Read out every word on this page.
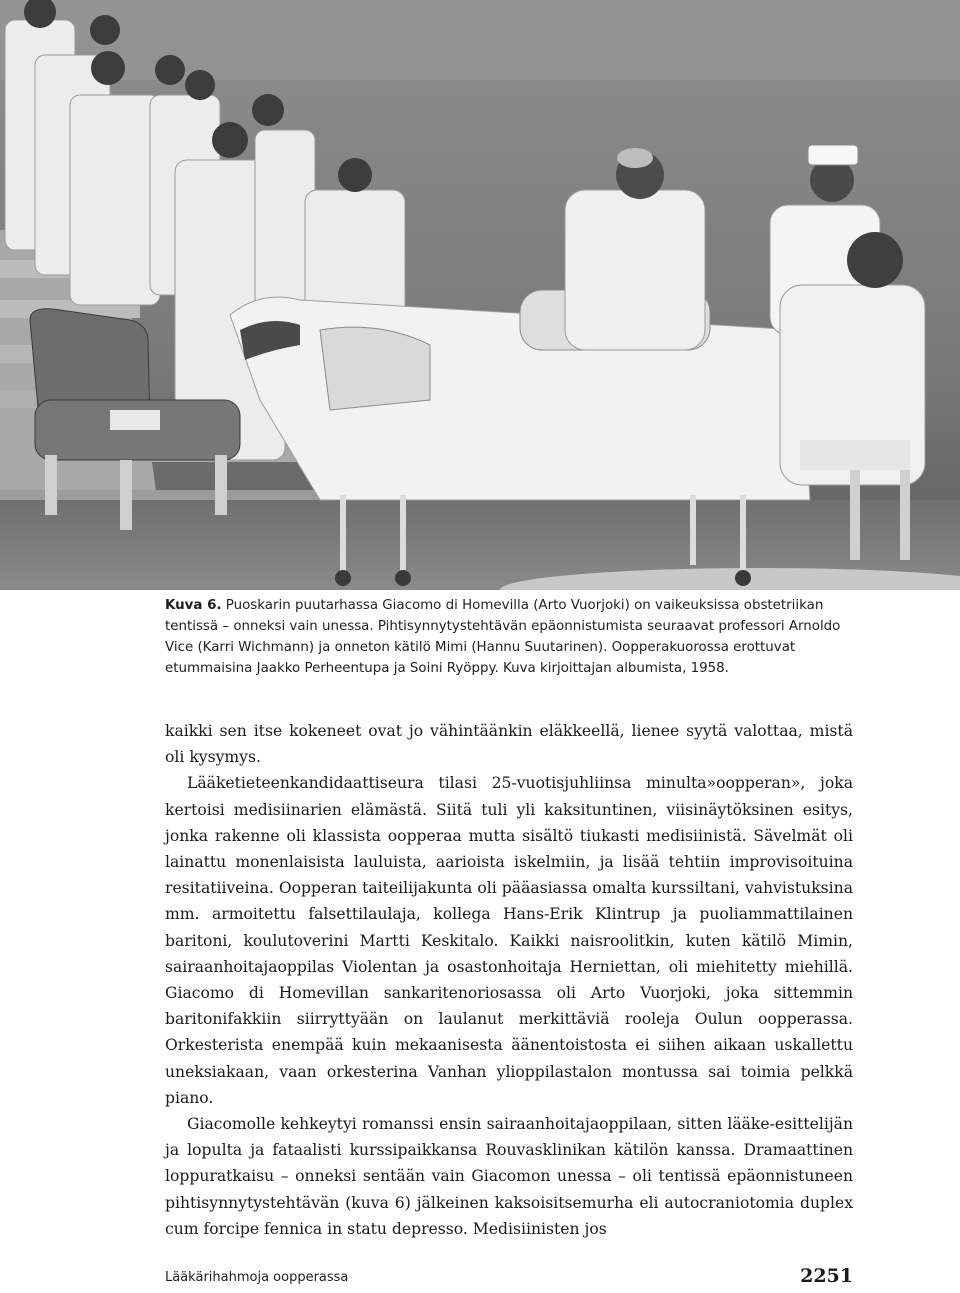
Kuva 6. Puoskarin puutarhassa Giacomo di Homevilla (Arto Vuorjoki) on vaikeuksissa obstetriikan tentissä – onneksi vain unessa. Pihtisynnytystehtävän epäonnistumista seuraavat professori Arnoldo Vice (Karri Wichmann) ja onneton kätilö Mimi (Hannu Suutarinen). Oopperakuorossa erottuvat etummaisina Jaakko Perheentupa ja Soini Ryöppy. Kuva kirjoittajan albumista, 1958.

kaikki sen itse kokeneet ovat jo vähintäänkin eläkkeellä, lienee syytä valottaa, mistä oli kysymys.

Lääketieteenkandidaattiseura tilasi 25-vuotisjuhliinsa minulta»oopperan», joka kertoisi medisiinarien elämästä. Siitä tuli yli kaksituntinen, viisinäytöksinen esitys, jonka rakenne oli klassista oopperaa mutta sisältö tiukasti medisiinistä. Sävelmät oli lainattu monenlaisista lauluista, aarioista iskelmiin, ja lisää tehtiin improvisoituina resitatiiveina. Oopperan taiteilijakunta oli pääasiassa omalta kurssiltani, vahvistuksina mm. armoitettu falsettilaulaja, kollega Hans-Erik Klintrup ja puoliammattilainen baritoni, koulutoverini Martti Keskitalo. Kaikki naisroolitkin, kuten kätilö Mimin, sairaanhoitajaoppilas Violentan ja osastonhoitaja Herniettan, oli miehitetty miehillä. Giacomo di Homevillan sankaritenoriosassa oli Arto Vuorjoki, joka sittemmin baritonifakkiin siirryttyään on laulanut merkittäviä rooleja Oulun oopperassa. Orkesterista enempää kuin mekaanisesta äänentoistosta ei siihen aikaan uskallettu uneksiakaan, vaan orkesterina Vanhan ylioppilastalon montussa sai toimia pelkkä piano.

Giacomolle kehkeytyi romanssi ensin sairaanhoitajaoppilaan, sitten lääke-esittelijän ja lopulta ja fataalisti kurssipaikkansa Rouvasklinikan kätilön kanssa. Dramaattinen loppuratkaisu – onneksi sentään vain Giacomon unessa – oli tentissä epäonnistuneen pihtisynnytystehtävän (kuva 6) jälkeinen kaksoisitsemurha eli autocraniotomia duplex cum forcipe fennica in statu depresso. Medisiinisten jos

Lääkärihahmoja oopperassa	2251
